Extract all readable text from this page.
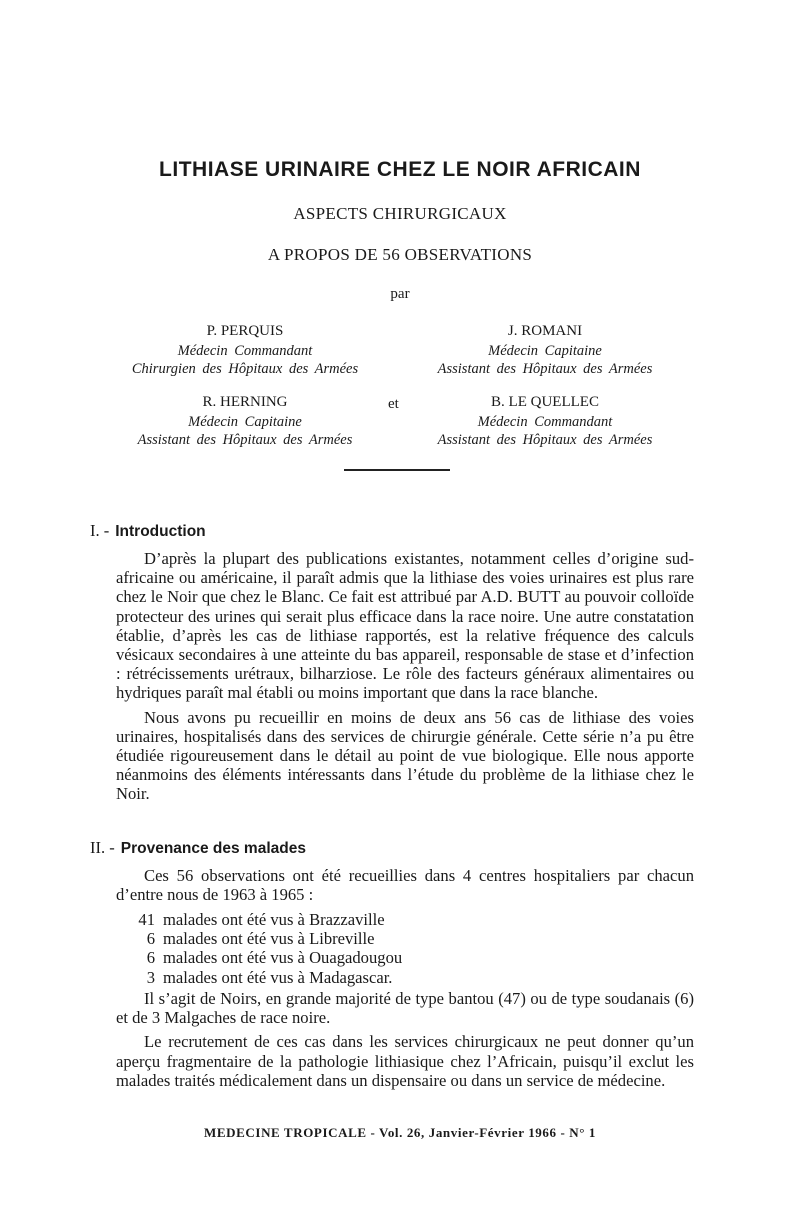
LITHIASE URINAIRE CHEZ LE NOIR AFRICAIN
ASPECTS CHIRURGICAUX
A PROPOS DE 56 OBSERVATIONS
par
P. PERQUIS
Médecin Commandant
Chirurgien des Hôpitaux des Armées
J. ROMANI
Médecin Capitaine
Assistant des Hôpitaux des Armées
et
R. HERNING
Médecin Capitaine
Assistant des Hôpitaux des Armées
B. LE QUELLEC
Médecin Commandant
Assistant des Hôpitaux des Armées
I. - Introduction

D’après la plupart des publications existantes, notamment celles d’origine sud-africaine ou américaine, il paraît admis que la lithiase des voies urinaires est plus rare chez le Noir que chez le Blanc. Ce fait est attribué par A.D. BUTT au pouvoir colloïde protecteur des urines qui serait plus efficace dans la race noire. Une autre constatation établie, d’après les cas de lithiase rapportés, est la relative fréquence des calculs vésicaux secondaires à une atteinte du bas appareil, responsable de stase et d’infection : rétrécissements urétraux, bilharziose. Le rôle des facteurs généraux alimentaires ou hydriques paraît mal établi ou moins important que dans la race blanche.

Nous avons pu recueillir en moins de deux ans 56 cas de lithiase des voies urinaires, hospitalisés dans des services de chirurgie générale. Cette série n’a pu être étudiée rigoureusement dans le détail au point de vue biologique. Elle nous apporte néanmoins des éléments intéressants dans l’étude du problème de la lithiase chez le Noir.

II. - Provenance des malades

Ces 56 observations ont été recueillies dans 4 centres hospitaliers par chacun d’entre nous de 1963 à 1965 :

41 malades ont été vus à Brazzaville
6 malades ont été vus à Libreville
6 malades ont été vus à Ouagadougou
3 malades ont été vus à Madagascar.

Il s’agit de Noirs, en grande majorité de type bantou (47) ou de type soudanais (6) et de 3 Malgaches de race noire.

Le recrutement de ces cas dans les services chirurgicaux ne peut donner qu’un aperçu fragmentaire de la pathologie lithiasique chez l’Africain, puisqu’il exclut les malades traités médicalement dans un dispensaire ou dans un service de médecine.

MEDECINE TROPICALE - Vol. 26, Janvier-Février 1966 - N° 1
